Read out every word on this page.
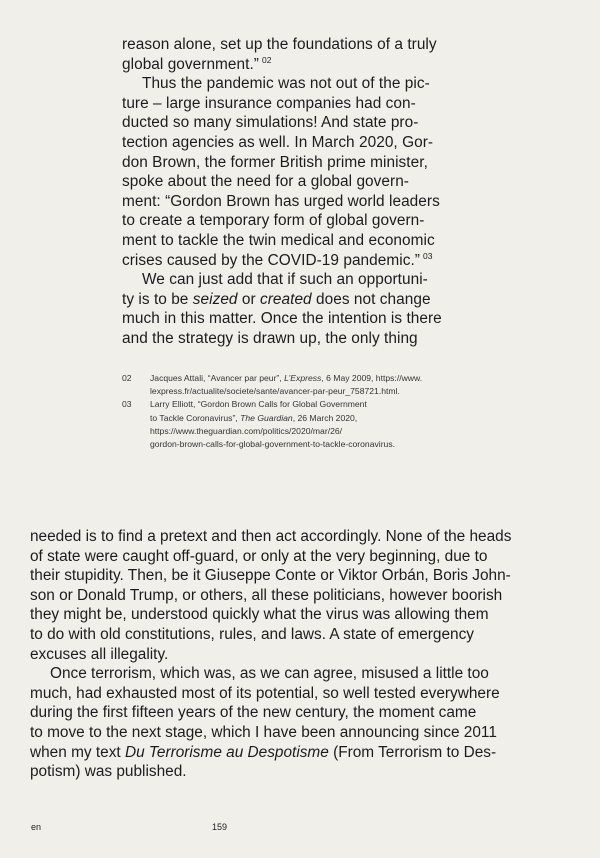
reason alone, set up the foundations of a truly
global government.” $^{02}$
Thus the pandemic was not out of the pic-
ture – large insurance companies had con-
ducted so many simulations! And state pro-
tection agencies as well. In March 2020, Gor-
don Brown, the former British prime minister,
spoke about the need for a global govern-
ment: “Gordon Brown has urged world leaders
to create a temporary form of global govern-
ment to tackle the twin medical and economic
crises caused by the COVID-19 pandemic.” $^{03}$
We can just add that if such an opportuni-
ty is to be seized or created does not change
much in this matter. Once the intention is there
and the strategy is drawn up, the only thing
02 Jacques Attali, “Avancer par peur”, L’Express, 6 May 2009, https://www.
lexpress.fr/actualite/societe/sante/avancer-par-peur_758721.html.
03 Larry Elliott, “Gordon Brown Calls for Global Government
to Tackle Coronavirus”, The Guardian, 26 March 2020,
https://www.theguardian.com/politics/2020/mar/26/
gordon-brown-calls-for-global-government-to-tackle-coronavirus.
needed is to find a pretext and then act accordingly. None of the heads
of state were caught off-guard, or only at the very beginning, due to
their stupidity. Then, be it Giuseppe Conte or Viktor Orbán, Boris John-
son or Donald Trump, or others, all these politicians, however boorish
they might be, understood quickly what the virus was allowing them
to do with old constitutions, rules, and laws. A state of emergency
excuses all illegality.
Once terrorism, which was, as we can agree, misused a little too
much, had exhausted most of its potential, so well tested everywhere
during the first fifteen years of the new century, the moment came
to move to the next stage, which I have been announcing since 2011
when my text Du Terrorisme au Despotisme (From Terrorism to Des-
potism) was published.
en	159
